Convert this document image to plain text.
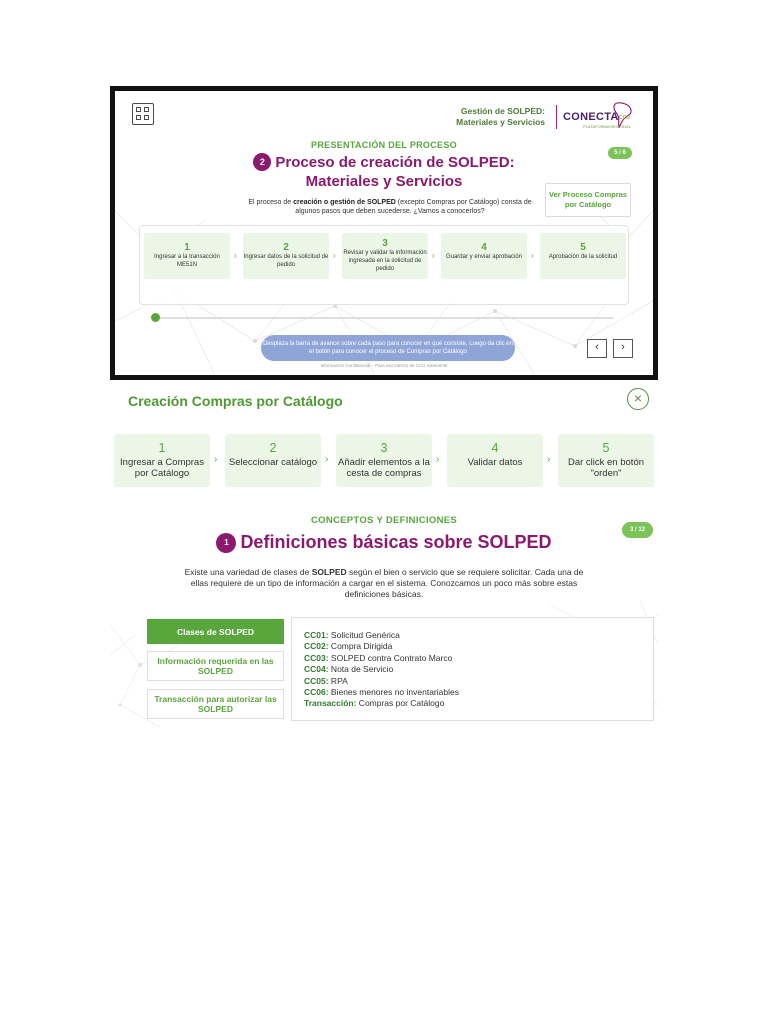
Gestión de SOLPED:
Materiales y Servicios CONECTA CCU
PLATAFORMA REGIONAL
PRESENTACIÓN DEL PROCESO
2 Proceso de creación de SOLPED:
Materiales y Servicios
5 / 6
El proceso de creación o gestión de SOLPED (excepto Compras por Catálogo) consta de algunos pasos que deben sucederse. ¿Vamos a conocerlos?
Ver Proceso Compras por Catálogo
1
Ingresar a la transacción ME51N
›
2
Ingresar datos de la solicitud de pedido
›
3
Revisar y validar la información ingresada en la solicitud de pedido
›
4
Guardar y enviar aprobación	›
5
Aprobación de la solicitud
Desplaza la barra de avance sobre cada paso para conocer en qué consiste. Luego da clic en el botón para conocer el proceso de Compras por Catálogo	‹	›
Información Confidencial – Para uso interno de CCU solamente
Creación Compras por Catálogo	×
1
Ingresar a Compras por Catálogo
›
2
Seleccionar catálogo ›
3
Añadir elementos a la cesta de compras
›
4
Validar datos	›
5
Dar click en botón "orden"
CONCEPTOS Y DEFINICIONES
1 Definiciones básicas sobre SOLPED
3 / 12
Existe una variedad de clases de SOLPED según el bien o servicio que se requiere solicitar. Cada una de ellas requiere de un tipo de información a cargar en el sistema. Conozcamos un poco más sobre estas definiciones básicas.
Clases de SOLPED
Información requerida en las SOLPED
Transacción para autorizar las SOLPED
CC01: Solicitud Genérica
CC02: Compra Dirigida
CC03: SOLPED contra Contrato Marco
CC04: Nota de Servicio
CC05: RPA
CC06: Bienes menores no inventariables
Transacción: Compras por Catálogo
